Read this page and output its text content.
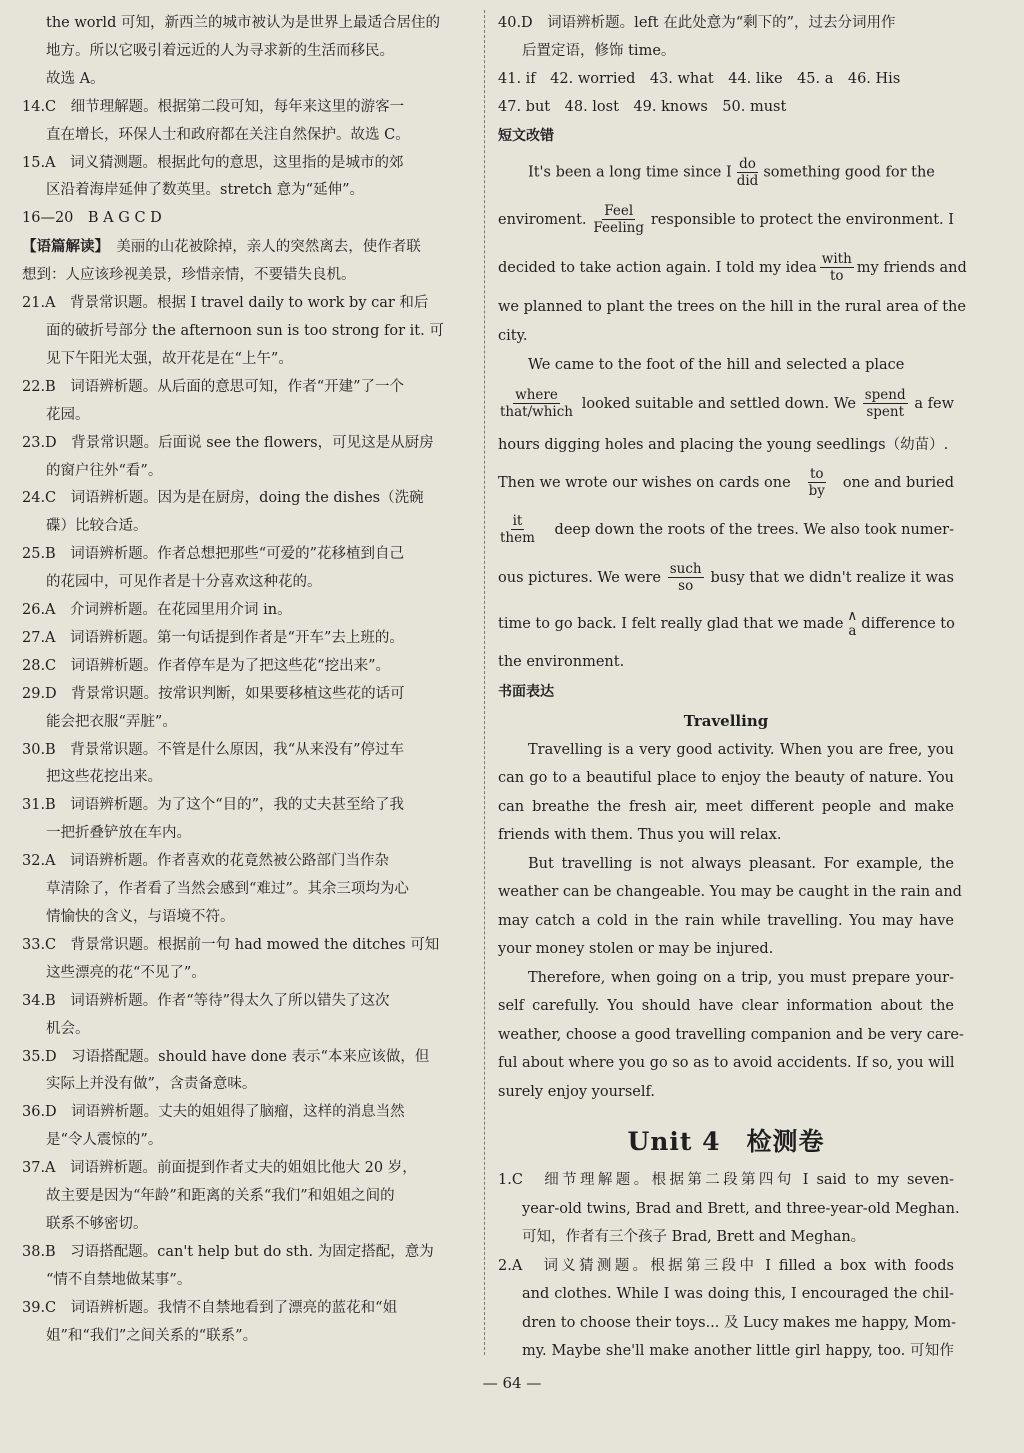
the world 可知，新西兰的城市被认为是世界上最适合居住的
地方。所以它吸引着远近的人为寻求新的生活而移民。
故选 A。
14.C　细节理解题。根据第二段可知，每年来这里的游客一
直在增长，环保人士和政府都在关注自然保护。故选 C。
15.A　词义猜测题。根据此句的意思，这里指的是城市的郊
区沿着海岸延伸了数英里。stretch 意为“延伸”。
16—20　B A G C D
【语篇解读】　美丽的山花被除掉，亲人的突然离去，使作者联
想到：人应该珍视美景，珍惜亲情，不要错失良机。
21.A　背景常识题。根据 I travel daily to work by car 和后
面的破折号部分 the afternoon sun is too strong for it. 可
见下午阳光太强，故开花是在“上午”。
22.B　词语辨析题。从后面的意思可知，作者“开建”了一个
花园。
23.D　背景常识题。后面说 see the flowers，可见这是从厨房
的窗户往外“看”。
24.C　词语辨析题。因为是在厨房，doing the dishes（洗碗
碟）比较合适。
25.B　词语辨析题。作者总想把那些“可爱的”花移植到自己
的花园中，可见作者是十分喜欢这种花的。
26.A　介词辨析题。在花园里用介词 in。
27.A　词语辨析题。第一句话提到作者是“开车”去上班的。
28.C　词语辨析题。作者停车是为了把这些花“挖出来”。
29.D　背景常识题。按常识判断，如果要移植这些花的话可
能会把衣服“弄脏”。
30.B　背景常识题。不管是什么原因，我“从来没有”停过车
把这些花挖出来。
31.B　词语辨析题。为了这个“目的”，我的丈夫甚至给了我
一把折叠铲放在车内。
32.A　词语辨析题。作者喜欢的花竟然被公路部门当作杂
草清除了，作者看了当然会感到“难过”。其余三项均为心
情愉快的含义，与语境不符。
33.C　背景常识题。根据前一句 had mowed the ditches 可知
这些漂亮的花“不见了”。
34.B　词语辨析题。作者“等待”得太久了所以错失了这次
机会。
35.D　习语搭配题。should have done 表示“本来应该做，但
实际上并没有做”，含责备意味。
36.D　词语辨析题。丈夫的姐姐得了脑瘤，这样的消息当然
是“令人震惊的”。
37.A　词语辨析题。前面提到作者丈夫的姐姐比他大 20 岁，
故主要是因为“年龄”和距离的关系“我们”和姐姐之间的
联系不够密切。
38.B　习语搭配题。can't help but do sth. 为固定搭配，意为
“情不自禁地做某事”。
39.C　词语辨析题。我情不自禁地看到了漂亮的蓝花和“姐
姐”和“我们”之间关系的“联系”。
40.D　词语辨析题。left 在此处意为“剩下的”，过去分词用作
后置定语，修饰 time。
41. if　42. worried　43. what　44. like　45. a　46. His
47. but　48. lost　49. knows　50. must
短文改错
It's been a long time since I $\frac{do}{\text{did}}$ something good for the
enviroment. $\frac{\text{Feel}}{\text{Feeling}}$ responsible to protect the environment. I
decided to take action again. I told my idea $\frac{\text{with}}{to}$ my friends and
we planned to plant the trees on the hill in the rural area of the
city.
We came to the foot of the hill and selected a place
$\frac{\text{where}}{\text{that/which}}$ looked suitable and settled down. We $\frac{\text{spend}}{\text{spent}}$ a few
hours digging holes and placing the young seedlings（幼苗）.
Then we wrote our wishes on cards one $\frac{to}{by}$ one and buried
$\frac{it}{\text{them}}$ deep down the roots of the trees. We also took numer-
ous pictures. We were $\frac{\text{such}}{so}$ busy that we didn't realize it was
time to go back. I felt really glad that we made ∧
a difference to
the environment.
书面表达
Travelling
Travelling is a very good activity. When you are free, you
can go to a beautiful place to enjoy the beauty of nature. You
can breathe the fresh air, meet different people and make
friends with them. Thus you will relax.
But travelling is not always pleasant. For example, the
weather can be changeable. You may be caught in the rain and
may catch a cold in the rain while travelling. You may have
your money stolen or may be injured.
Therefore, when going on a trip, you must prepare your-
self carefully. You should have clear information about the
weather, choose a good travelling companion and be very care-
ful about where you go so as to avoid accidents. If so, you will
surely enjoy yourself.
Unit 4　检测卷
1.C　细节理解题。根据第二段第四句 I said to my seven-
year-old twins, Brad and Brett, and three-year-old Meghan.
可知，作者有三个孩子 Brad, Brett and Meghan。
2.A　词义猜测题。根据第三段中 I filled a box with foods
and clothes. While I was doing this, I encouraged the chil-
dren to choose their toys... 及 Lucy makes me happy, Mom-
my. Maybe she'll make another little girl happy, too. 可知作
— 64 —
